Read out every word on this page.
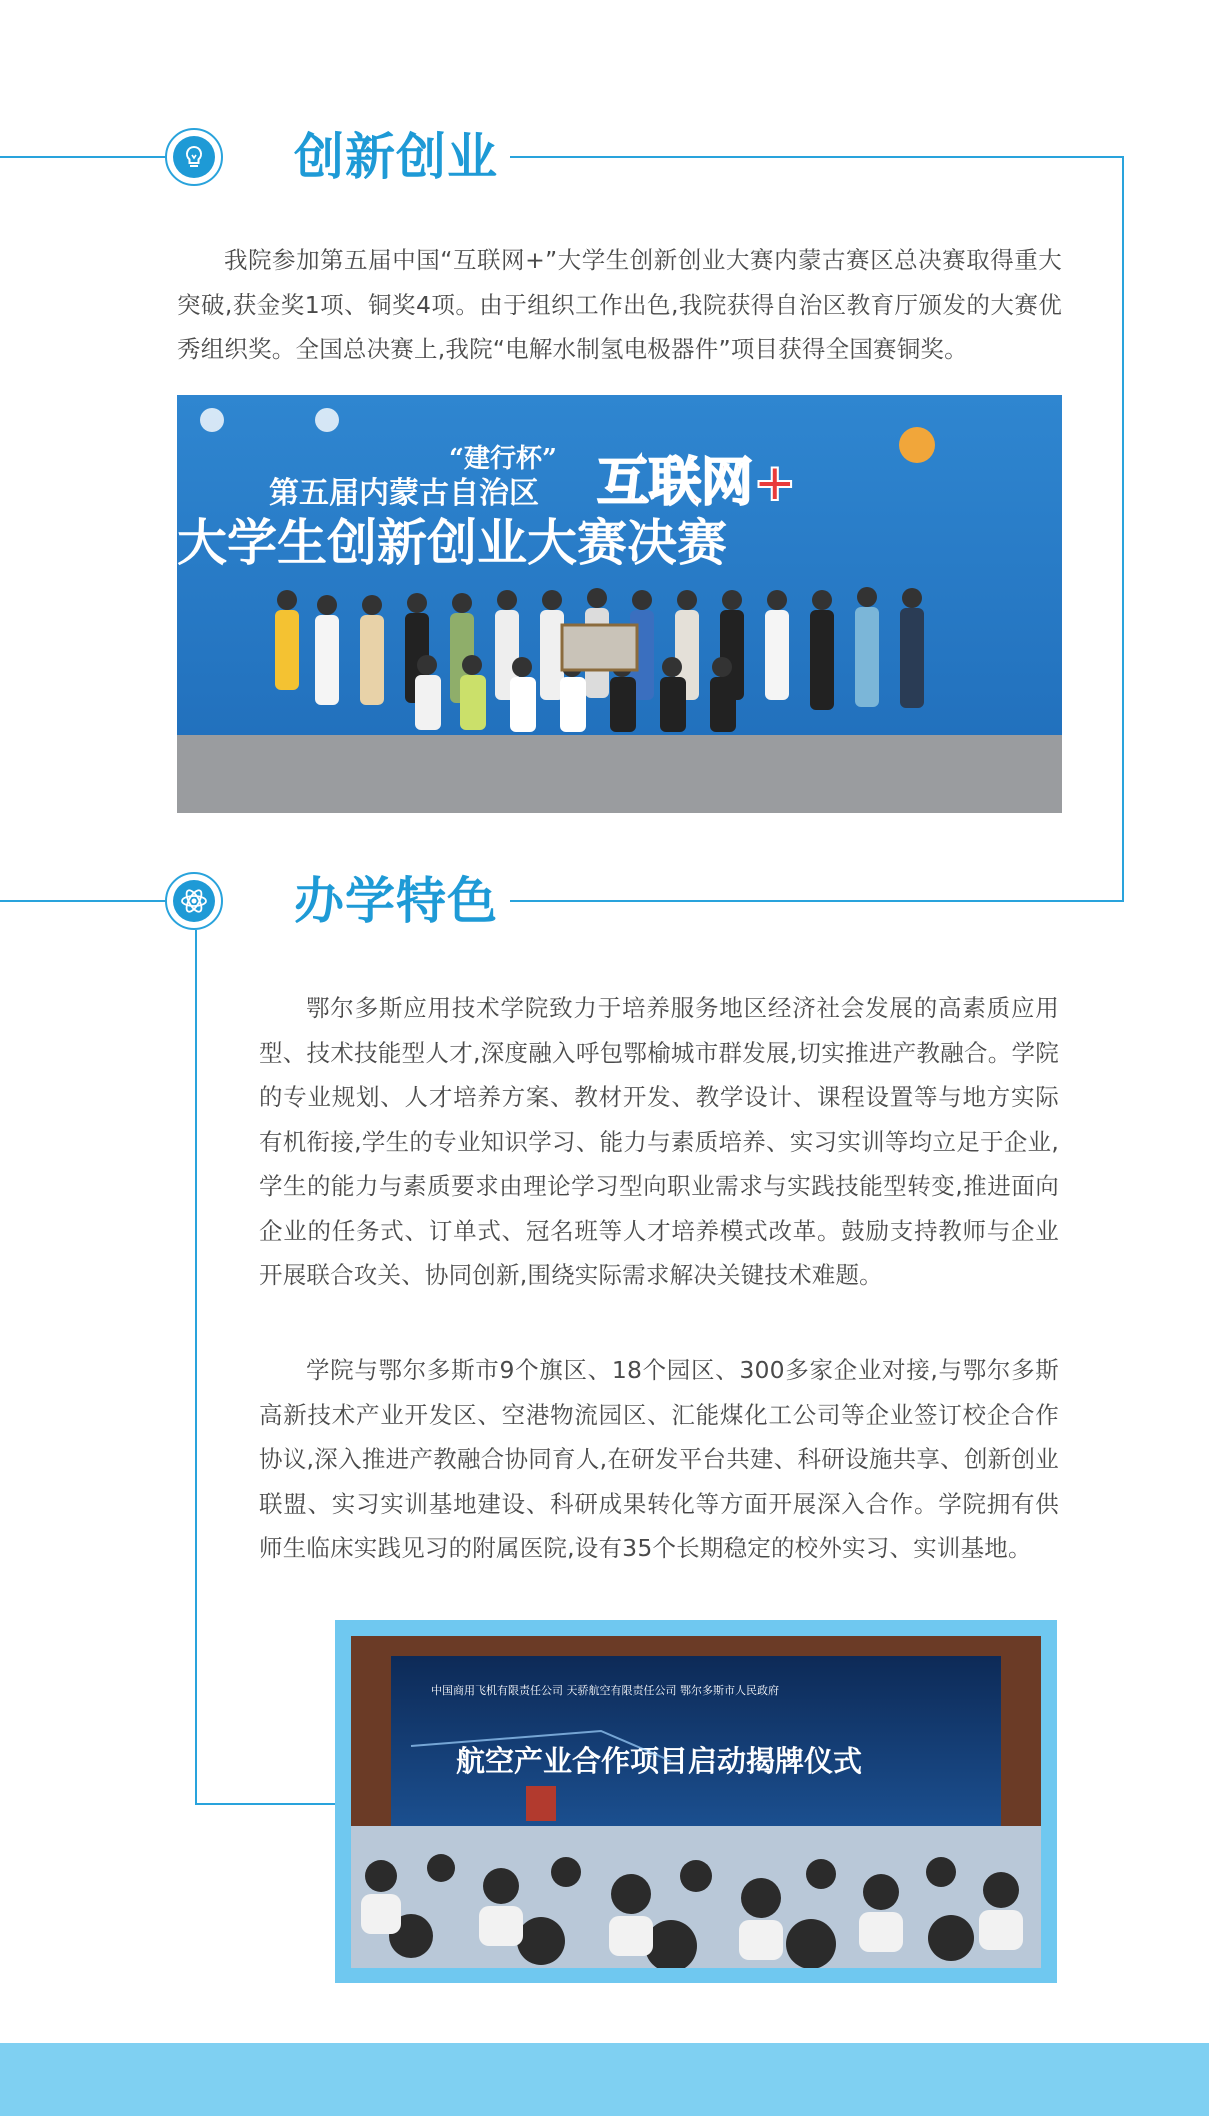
创新创业

我院参加第五届中国“互联网+”大学生创新创业大赛内蒙古赛区总决赛取得重大突破,获金奖1项、铜奖4项。由于组织工作出色,我院获得自治区教育厅颁发的大赛优秀组织奖。全国总决赛上,我院“电解水制氢电极器件”项目获得全国赛铜奖。

“建行杯”
第五届内蒙古自治区 互联网+
大学生创新创业大赛决赛
办学特色

鄂尔多斯应用技术学院致力于培养服务地区经济社会发展的高素质应用型、技术技能型人才,深度融入呼包鄂榆城市群发展,切实推进产教融合。学院的专业规划、人才培养方案、教材开发、教学设计、课程设置等与地方实际有机衔接,学生的专业知识学习、能力与素质培养、实习实训等均立足于企业,学生的能力与素质要求由理论学习型向职业需求与实践技能型转变,推进面向企业的任务式、订单式、冠名班等人才培养模式改革。鼓励支持教师与企业开展联合攻关、协同创新,围绕实际需求解决关键技术难题。

学院与鄂尔多斯市9个旗区、18个园区、300多家企业对接,与鄂尔多斯高新技术产业开发区、空港物流园区、汇能煤化工公司等企业签订校企合作协议,深入推进产教融合协同育人,在研发平台共建、科研设施共享、创新创业联盟、实习实训基地建设、科研成果转化等方面开展深入合作。学院拥有供师生临床实践见习的附属医院,设有35个长期稳定的校外实习、实训基地。

中国商用飞机有限责任公司 天骄航空有限责任公司 鄂尔多斯市人民政府
航空产业合作项目启动揭牌仪式
